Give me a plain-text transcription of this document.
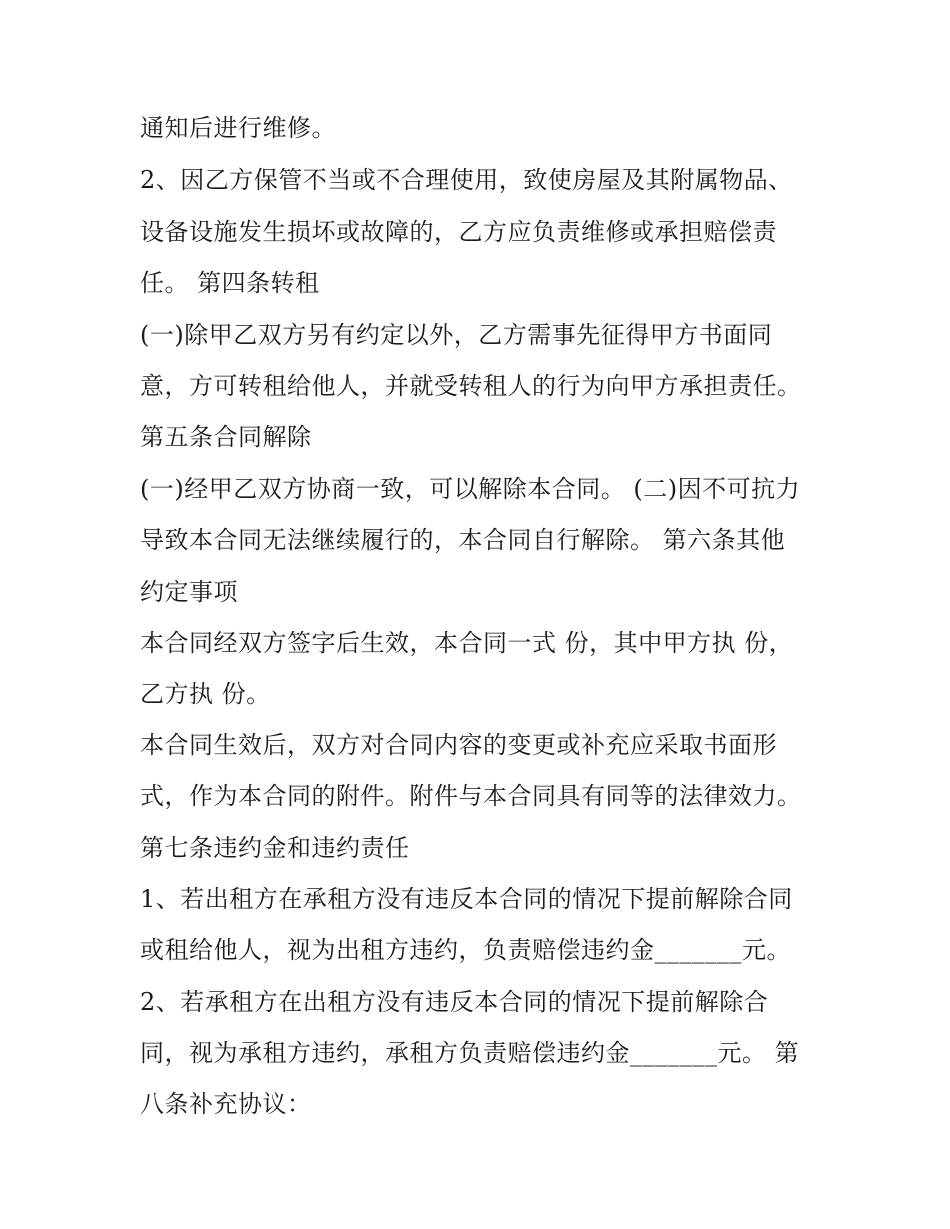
通知后进行维修。
2、因乙方保管不当或不合理使用，致使房屋及其附属物品、
设备设施发生损坏或故障的，乙方应负责维修或承担赔偿责
任。 第四条转租
(一)除甲乙双方另有约定以外，乙方需事先征得甲方书面同
意，方可转租给他人，并就受转租人的行为向甲方承担责任。
第五条合同解除
(一)经甲乙双方协商一致，可以解除本合同。 (二)因不可抗力
导致本合同无法继续履行的，本合同自行解除。 第六条其他
约定事项
本合同经双方签字后生效，本合同一式 份，其中甲方执 份，
乙方执 份。
本合同生效后，双方对合同内容的变更或补充应采取书面形
式，作为本合同的附件。附件与本合同具有同等的法律效力。
第七条违约金和违约责任
1、若出租方在承租方没有违反本合同的情况下提前解除合同
或租给他人，视为出租方违约，负责赔偿违约金_______元。
2、若承租方在出租方没有违反本合同的情况下提前解除合
同，视为承租方违约，承租方负责赔偿违约金_______元。 第
八条补充协议：
